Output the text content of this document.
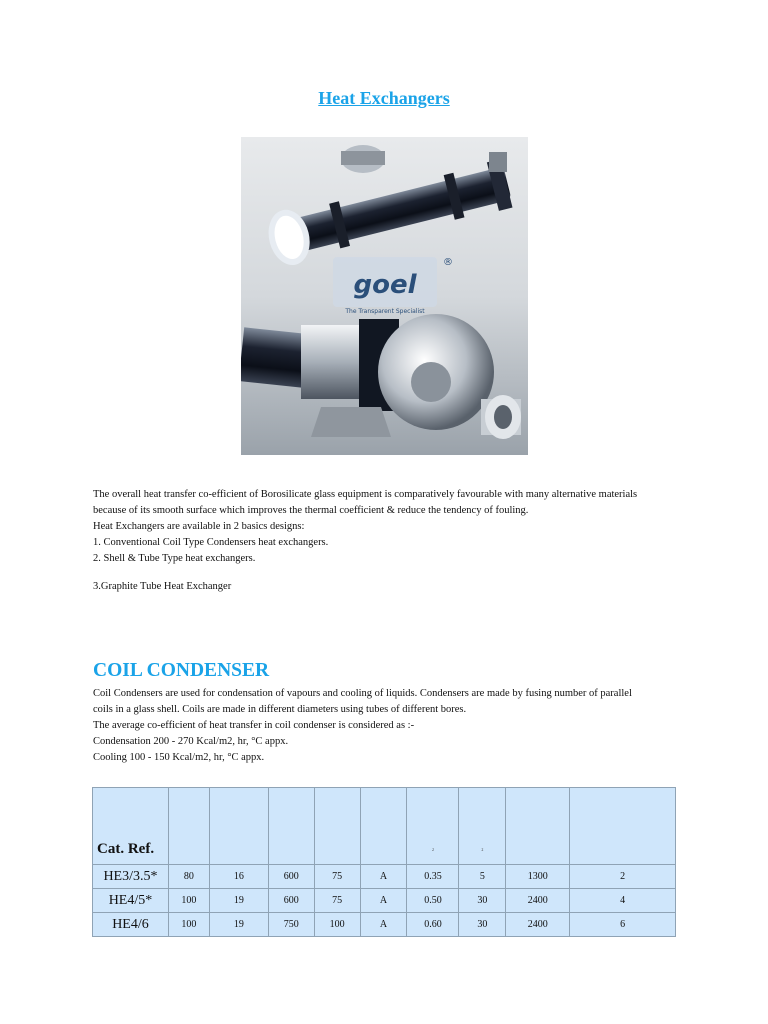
Heat Exchangers
goel
®
The Transparent Specialist

The overall heat transfer co-efficient of Borosilicate glass equipment is comparatively favourable with many alternative materials

because of its smooth surface which improves the thermal coefficient & reduce the tendency of fouling.

Heat Exchangers are available in 2 basics designs:

1. Conventional Coil Type Condensers heat exchangers.

2. Shell & Tube Type heat exchangers.

3.Graphite Tube Heat Exchanger

COIL CONDENSER

Coil Condensers are used for condensation of vapours and cooling of liquids. Condensers are made by fusing number of parallel

coils in a glass shell. Coils are made in different diameters using tubes of different bores.

The average co-efficient of heat transfer in coil condenser is considered as :-

Condensation 200 - 270 Kcal/m2, hr, °C appx.

Cooling 100 - 150 Kcal/m2, hr, °C appx.

Cat. Ref.						$^2$	$^2$		
HE3/3.5*	80	16	600	75	A	0.35	5	1300	2
HE4/5*	100	19	600	75	A	0.50	30	2400	4
HE4/6	100	19	750	100	A	0.60	30	2400	6
